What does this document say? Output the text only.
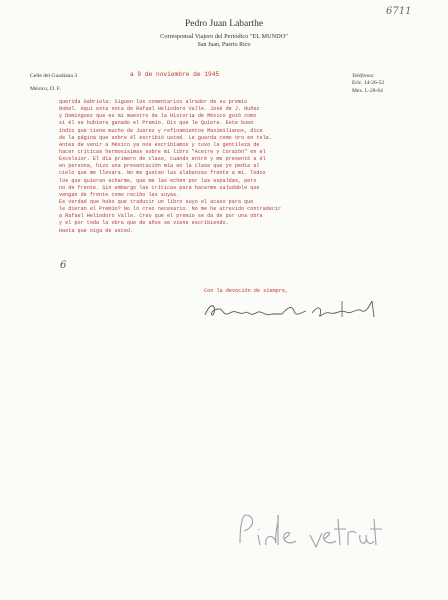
Pedro Juan Labarthe
Corresponsal Viajero del Periódico "EL MUNDO"
San Juan, Puerto Rico
Celle del Guadiana 3
México, D. F.
Teléfonos:
Eric. 14-26-52
Mex. L-28-64
a 9 de noviembre de 1945
querida Gabriela: Siguen los comentarios alrador de su premio
Nobel. Aquí esta nota de Rafael Heliodoro Valle. José de J. Nuñez
y Domínguez que es mi maestro de la Historia de México gozó como
si él se hubiera ganado el Premio. Dix que le Quiere. Este buen
indio que tiene mucho de Juarez y refinamientos Maximilianos, dice
de la página que sobre él escribió usted. Le guarda como oro en tela.
Antes de venir a México ya nos escribíamos y tuvo la gentileza de
hacer críticas hermosisimas sobre mi libro "Acetre y Corazón" en el
Excelsior. El día primero de clase, cuando entré y me presenté a él
en persona, hizo una presentación mía en la clase que yo pedía al
cielo que me llevara. No me gustan las alabanzas frente a mí. Todos
los que quieran echarme, que me las echen por las espaldas, pero
no de frente. Sin embargo las críticas para hacerme saludable que
vengan de frente como recibo las suyas.
Es verdad que hubo que traducir un libro suyo el acaso para que
le dieran el Premio? No lo creo necesario. No me he atrevido contradecir
a Rafael Heliodoro Valle. Creo que el premio se da de por una obra
y el por toda la obra que de años se viene escribiendo.
Hasta que oiga de usted.
Con la devoción de siempre,
6711
6
